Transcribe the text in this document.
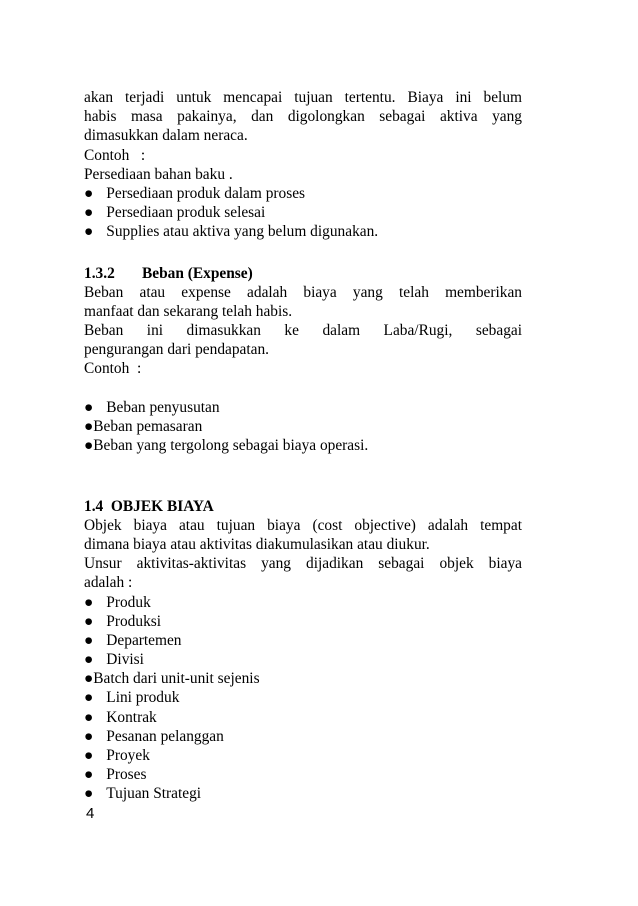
akan terjadi untuk mencapai tujuan tertentu. Biaya ini belum
habis masa pakainya, dan digolongkan sebagai aktiva yang
dimasukkan dalam neraca.
Contoh   :
Persediaan bahan baku .
● Persediaan produk dalam proses
● Persediaan produk selesai
● Supplies atau aktiva yang belum digunakan.
1.3.2 Beban (Expense)
Beban atau expense adalah biaya yang telah memberikan
manfaat dan sekarang telah habis.
Beban ini dimasukkan ke dalam Laba/Rugi, sebagai
pengurangan dari pendapatan.
Contoh  :
● Beban penyusutan
●Beban pemasaran
●Beban yang tergolong sebagai biaya operasi.
1.4  OBJEK BIAYA
Objek biaya atau tujuan biaya (cost objective) adalah tempat
dimana biaya atau aktivitas diakumulasikan atau diukur.
Unsur aktivitas-aktivitas yang dijadikan sebagai objek biaya
adalah :
● Produk
● Produksi
● Departemen
● Divisi
●Batch dari unit-unit sejenis
● Lini produk
● Kontrak
● Pesanan pelanggan
● Proyek
● Proses
● Tujuan Strategi
4
